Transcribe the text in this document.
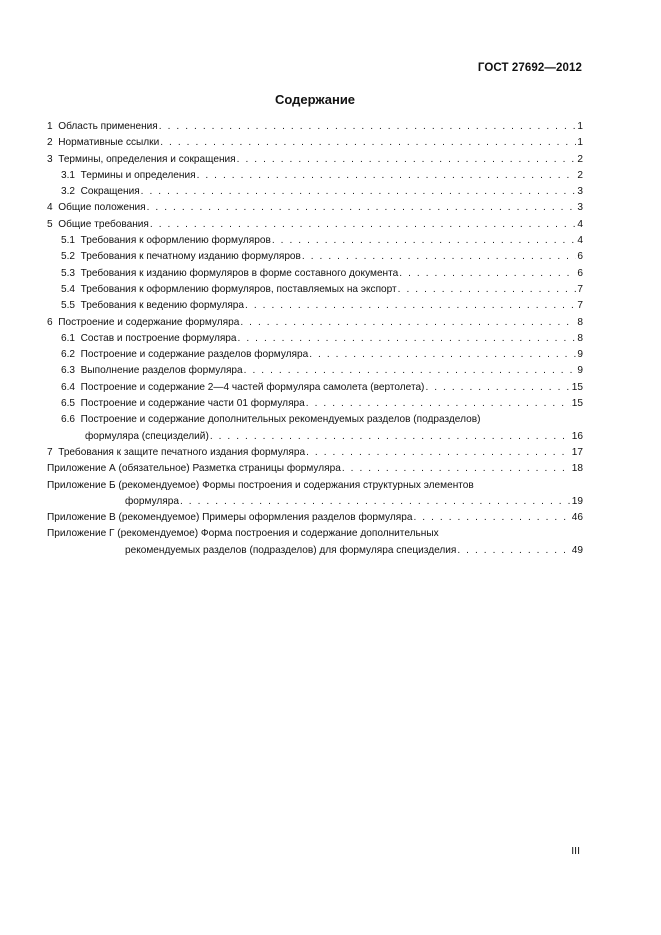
ГОСТ 27692—2012
Содержание
1  Область применения . . .	1
2  Нормативные ссылки . . .	1
3  Термины, определения и сокращения . . .	2
3.1  Термины и определения . . .	2
3.2  Сокращения . . .	3
4  Общие положения . . .	3
5  Общие требования . . .	4
5.1  Требования к оформлению формуляров . . .	4
5.2  Требования к печатному изданию формуляров . . .	6
5.3  Требования к изданию формуляров в форме составного документа . . .	6
5.4  Требования к оформлению формуляров, поставляемых на экспорт . . .	7
5.5  Требования к ведению формуляра . . .	7
6  Построение и содержание формуляра . . .	8
6.1  Состав и построение формуляра . . .	8
6.2  Построение и содержание разделов формуляра . . .	9
6.3  Выполнение разделов формуляра . . .	9
6.4  Построение и содержание 2—4 частей формуляра самолета (вертолета) . . .	15
6.5  Построение и содержание части 01 формуляра . . .	15
6.6  Построение и содержание дополнительных рекомендуемых разделов (подразделов)
формуляра (специзделий) . . .	16
7  Требования к защите печатного издания формуляра . . .	17
Приложение А (обязательное) Разметка страницы формуляра . . .	18
Приложение Б (рекомендуемое) Формы построения и содержания структурных элементов
формуляра . . .	19
Приложение В (рекомендуемое) Примеры оформления разделов формуляра . . .	46
Приложение Г (рекомендуемое) Форма построения и содержание дополнительных
рекомендуемых разделов (подразделов) для формуляра специзделия . . .	49
III
